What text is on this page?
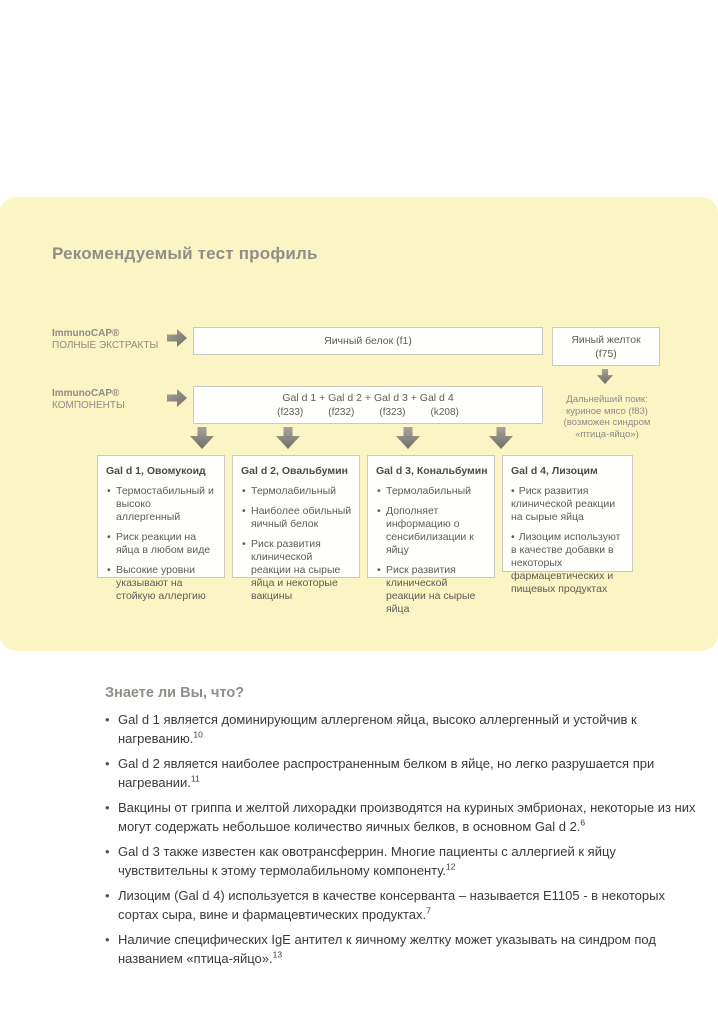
Рекомендуемый тест профиль
ImmunoCAP®
ПОЛНЫЕ ЭКСТРАКТЫ	Яичный белок (f1)	Яиный желток
(f75)
ImmunoCAP®
КОМПОНЕНТЫ
Gal d 1 + Gal d 2 + Gal d 3 + Gal d 4
(f233)	(f232)	(f323)	(k208)
Дальнейший поик:
куриное мясо (f83)
(возможен синдром
«птица-яйцо»)
Gal d 1, Овомукоид
• Термостабильный и высоко аллергенный
• Риск реакции на яйца в любом виде
• Высокие уровни указывают на стойкую аллергию
Gal d 2, Овальбумин
• Термолабильный
• Наиболее обильный яичный белок
• Риск развития клинической реакции на сырые яйца и некоторые вакцины
Gal d 3, Кональбумин
• Термолабильный
• Дополняет информацию о сенсибилизации к яйцу
• Риск развития клинической реакции на сырые яйца
Gal d 4, Лизоцим
• Риск развития клинической реакции на сырые яйца
• Лизоцим используют в качестве добавки в некоторых фармацевтических и пищевых продуктах
Знаете ли Вы, что?
• Gal d 1 является доминирующим аллергеном яйца, высоко аллергенный и устойчив к нагреванию.$^{10}$
• Gal d 2 является наиболее распространенным белком в яйце, но легко разрушается при нагревании.$^{11}$
• Вакцины от гриппа и желтой лихорадки производятся на куриных эмбрионах, некоторые из них могут содержать небольшое количество яичных белков, в основном Gal d 2.$^6$
• Gal d 3 также известен как овотрансферрин. Многие пациенты с аллергией к яйцу чувствительны к этому термолабильному компоненту.$^{12}$
• Лизоцим (Gal d 4) используется в качестве консерванта – называется E1105 - в некоторых сортах сыра, вине и фармацевтических продуктах.$^7$
• Наличие специфических IgE антител к яичному желтку может указывать на синдром под названием «птица-яйцо».$^{13}$
